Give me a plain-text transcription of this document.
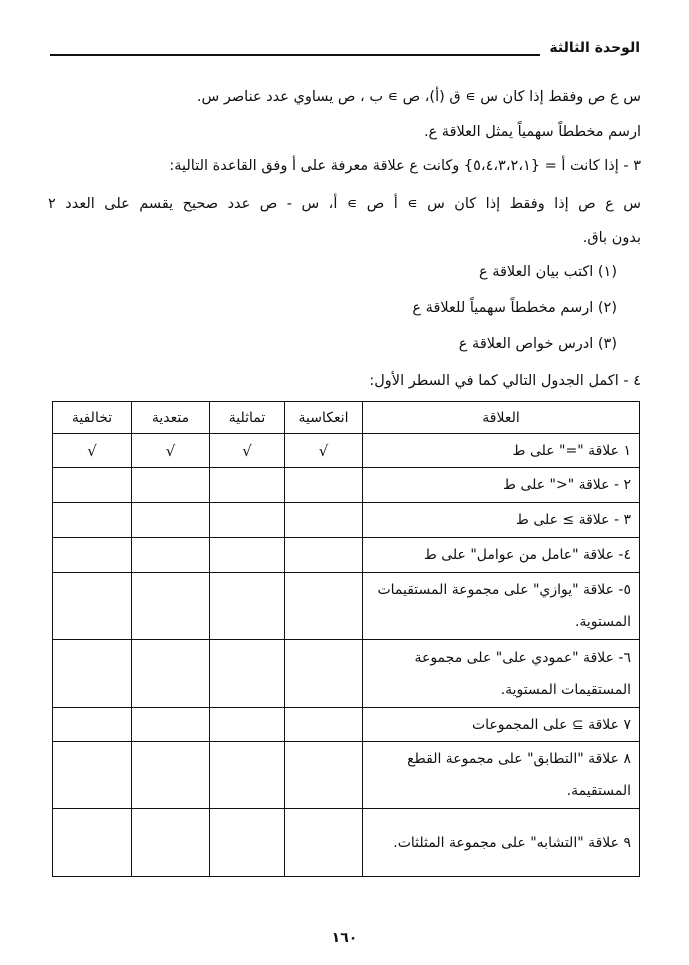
الوحدة الثالثة
س ع ص وفقط إذا كان س ∍ ق (أ)، ص ∍ ب ، ص يساوي عدد عناصر س.
ارسم مخططاً سهمياً يمثل العلاقة ع.
٣ - إذا كانت أ = {٥،٤،٣،٢،١} وكانت ع علاقة معرفة على أ وفق القاعدة التالية:
س ع ص إذا وفقط إذا كان س ∍ أ ص ∍ أ، س - ص عدد صحيح يقسم على العدد ٢
بدون باق.
(١) اكتب بيان العلاقة ع
(٢) ارسم مخططاً سهمياً للعلاقة ع
(٣) ادرس خواص العلاقة ع
٤ - اكمل الجدول التالي كما في السطر الأول:
العلاقة	انعكاسية	تماثلية	متعدية	تخالفية
١ علاقة "=" على ط	√	√	√	√
٢ - علاقة "<" على ط				
٣ - علاقة ≥ على ط				
٤- علاقة "عامل من عوامل" على ط				
٥- علاقة "يوازي" على مجموعة المستقيمات المستوية.				
٦- علاقة "عمودي على" على مجموعة المستقيمات المستوية.				
٧ علاقة ⊇ على المجموعات				
٨ علاقة "التطابق" على مجموعة القطع المستقيمة.				
٩ علاقة "التشابه" على مجموعة المثلثات.				
١٦٠
